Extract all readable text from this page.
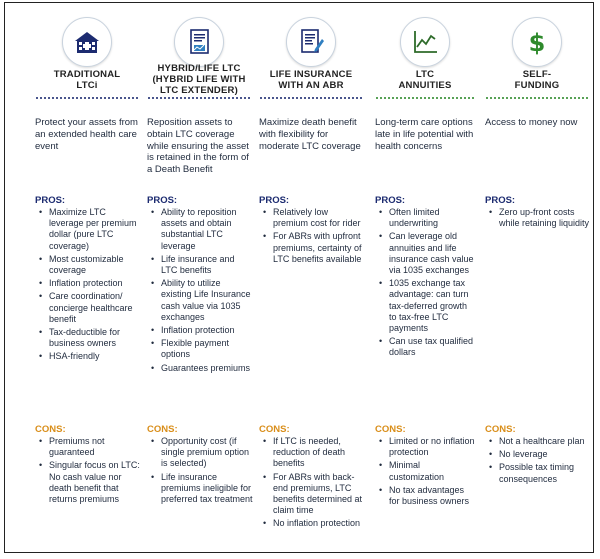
TRADITIONAL
LTCi
Protect your assets from an extended health care event
PROS:
• Maximize LTC leverage per premium dollar (pure LTC coverage)
• Most customizable coverage
• Inflation protection
• Care coordination/ concierge healthcare benefit
• Tax-deductible for business owners
• HSA-friendly
CONS:
• Premiums not guaranteed
• Singular focus on LTC: No cash value nor death benefit that returns premiums
HYBRID/LIFE LTC
(HYBRID LIFE WITH
LTC EXTENDER)
Reposition assets to obtain LTC coverage while ensuring the asset is retained in the form of a Death Benefit
PROS:
• Ability to reposition assets and obtain substantial LTC leverage
• Life insurance and LTC benefits
• Ability to utilize existing Life Insurance cash value via 1035 exchanges
• Inflation protection
• Flexible payment options
• Guarantees premiums
CONS:
• Opportunity cost (if single premium option is selected)
• Life insurance premiums ineligible for preferred tax treatment
LIFE INSURANCE
WITH AN ABR
Maximize death benefit with flexibility for moderate LTC coverage
PROS:
• Relatively low premium cost for rider
• For ABRs with upfront premiums, certainty of LTC benefits available
CONS:
• If LTC is needed, reduction of death benefits
• For ABRs with back-end premiums, LTC benefits determined at claim time
• No inflation protection
LTC
ANNUITIES
Long-term care options late in life potential with health concerns
PROS:
• Often limited underwriting
• Can leverage old annuities and life insurance cash value via 1035 exchanges
• 1035 exchange tax advantage: can turn tax-deferred growth to tax-free LTC payments
• Can use tax qualified dollars
CONS:
• Limited or no inflation protection
• Minimal customization
• No tax advantages for business owners
$
SELF-
FUNDING
Access to money now
PROS:
• Zero up-front costs while retaining liquidity
CONS:
• Not a healthcare plan
• No leverage
• Possible tax timing consequences
